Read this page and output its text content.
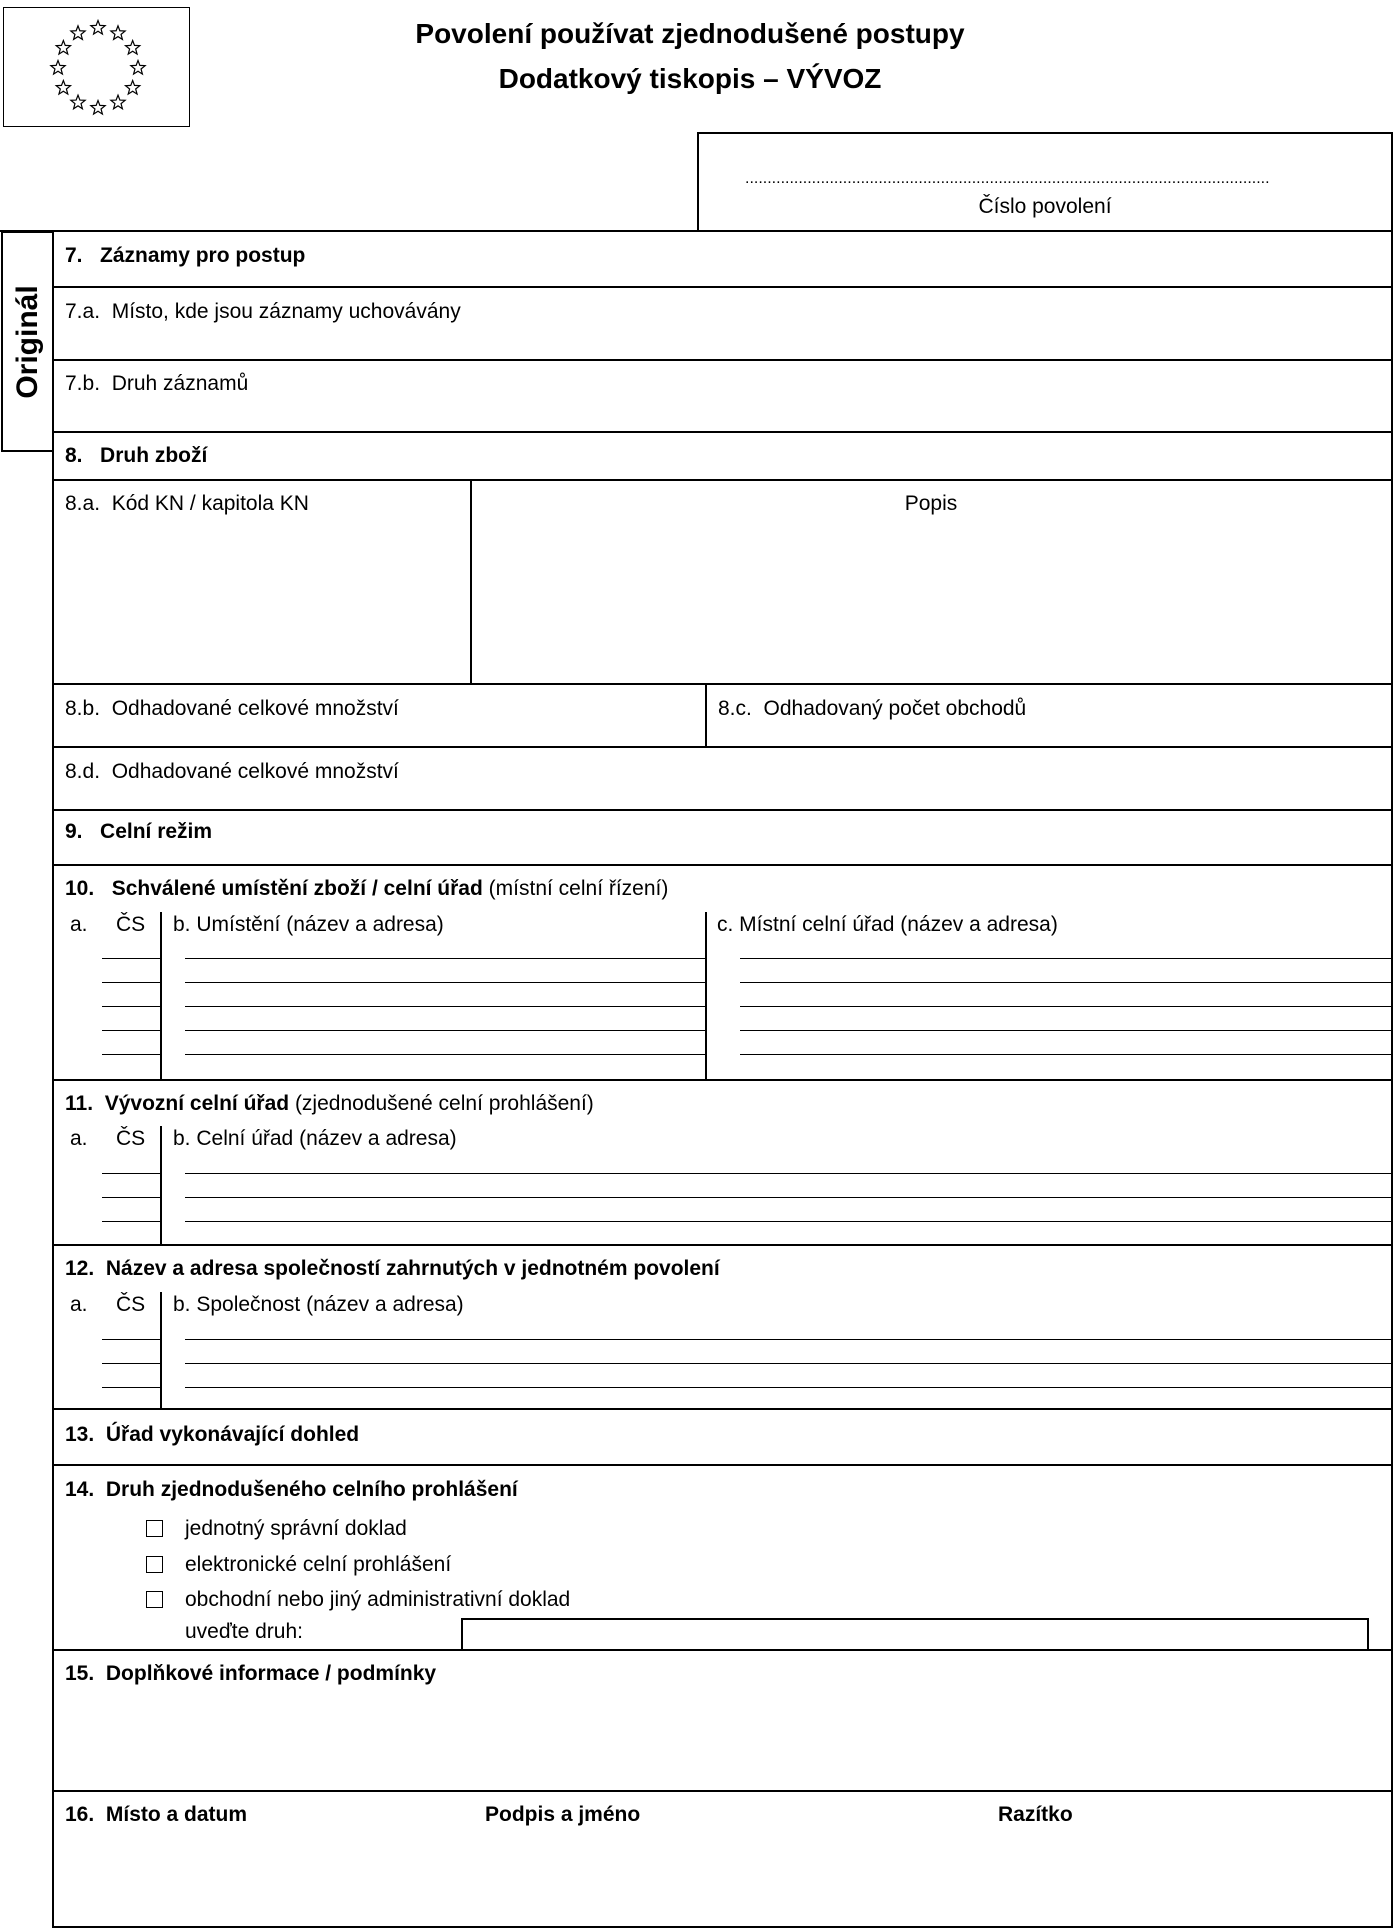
Povolení používat zjednodušené postupy
Dodatkový tiskopis – VÝVOZ
......................................................................................................................
Číslo povolení
Originál
7. Záznamy pro postup
7.a. Místo, kde jsou záznamy uchovávány
7.b. Druh záznamů
8. Druh zboží
8.a. Kód KN / kapitola KN	Popis
8.b. Odhadované celkové množství	8.c. Odhadovaný počet obchodů
8.d. Odhadované celkové množství
9. Celní režim
10. Schválené umístění zboží / celní úřad (místní celní řízení)
a. ČS b. Umístění (název a adresa)	c. Místní celní úřad (název a adresa)
11. Vývozní celní úřad (zjednodušené celní prohlášení)
a. ČS b. Celní úřad (název a adresa)
12. Název a adresa společností zahrnutých v jednotném povolení
a. ČS b. Společnost (název a adresa)
13. Úřad vykonávající dohled
14. Druh zjednodušeného celního prohlášení
jednotný správní doklad
elektronické celní prohlášení
obchodní nebo jiný administrativní doklad
uveďte druh:
15. Doplňkové informace / podmínky
16. Místo a datum	Podpis a jméno	Razítko
